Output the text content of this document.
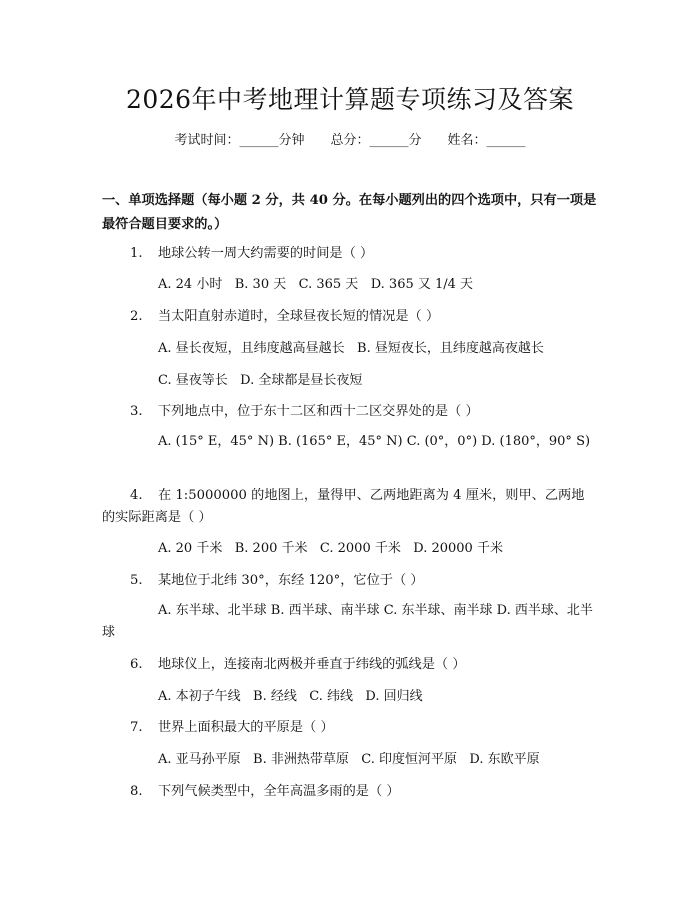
2026年中考地理计算题专项练习及答案
考试时间：______分钟 总分：______分 姓名：______
一、单项选择题（每小题 2 分，共 40 分。在每小题列出的四个选项中，只有一项是最符合题目要求的。）
1. 地球公转一周大约需要的时间是（ ）
A. 24 小时   B. 30 天   C. 365 天   D. 365 又 1/4 天
2. 当太阳直射赤道时，全球昼夜长短的情况是（ ）
A. 昼长夜短，且纬度越高昼越长   B. 昼短夜长，且纬度越高夜越长
C. 昼夜等长   D. 全球都是昼长夜短
3. 下列地点中，位于东十二区和西十二区交界处的是（ ）
A. (15° E，45° N) B. (165° E，45° N) C. (0°，0°) D. (180°，90° S)
4. 在 1:5000000 的地图上，量得甲、乙两地距离为 4 厘米，则甲、乙两地的实际距离是（ ）
A. 20 千米   B. 200 千米   C. 2000 千米   D. 20000 千米
5. 某地位于北纬 30°，东经 120°，它位于（ ）
A. 东半球、北半球 B. 西半球、南半球 C. 东半球、南半球 D. 西半球、北半球
6. 地球仪上，连接南北两极并垂直于纬线的弧线是（ ）
A. 本初子午线   B. 经线   C. 纬线   D. 回归线
7. 世界上面积最大的平原是（ ）
A. 亚马孙平原   B. 非洲热带草原   C. 印度恒河平原   D. 东欧平原
8. 下列气候类型中，全年高温多雨的是（ ）
